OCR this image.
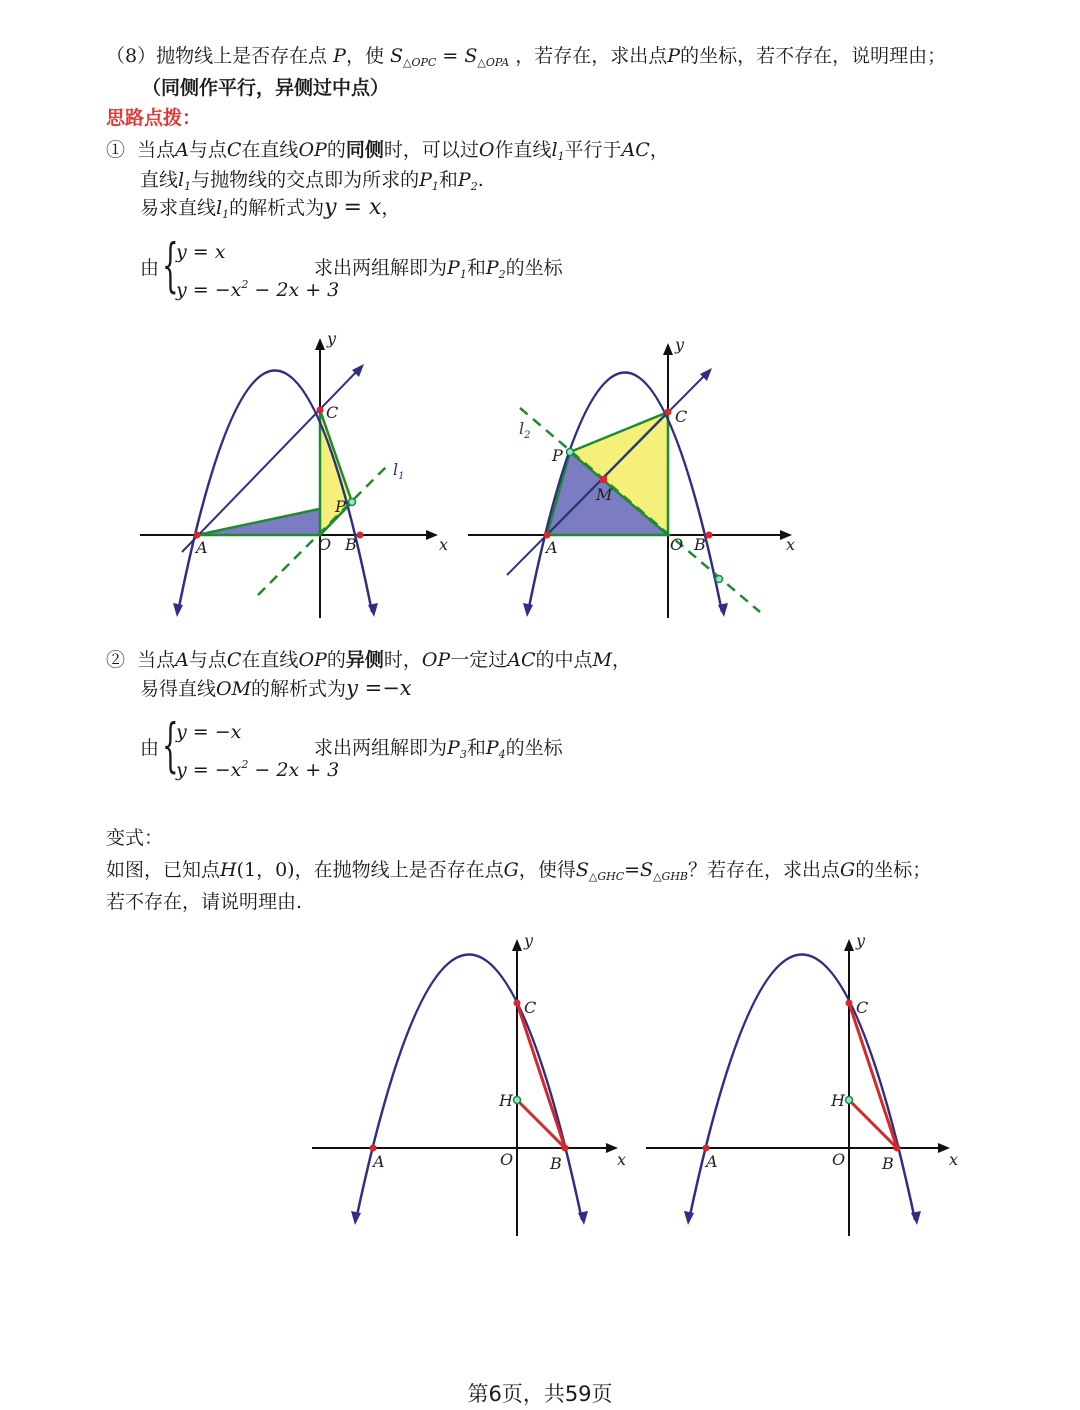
（8）抛物线上是否存在点 P，使 $S_{\triangle OPC} = S_{\triangle OPA}$ ，若存在，求出点P的坐标，若不存在，说明理由；
（同侧作平行，异侧过中点）
思路点拨：
① 当点A与点C在直线OP的同侧时，可以过O作直线$l_1$平行于AC，
直线$l_1$与抛物线的交点即为所求的$P_1$和$P_2$.
易求直线$l_1$的解析式为y = x，
由 {
y = x
$y = -x^2 - 2x + 3$
求出两组解即为$P_1$和$P_2$的坐标
y
C
P
A	O B	x
$l_1$
y
C
P
M
A	O B	x
$l_2$
② 当点A与点C在直线OP的异侧时，OP一定过AC的中点M，
易得直线OM的解析式为y =−x
由 {
y = −x
$y = -x^2 - 2x + 3$
求出两组解即为$P_3$和$P_4$的坐标
变式：
如图，已知点H(1，0)，在抛物线上是否存在点G，使得$S_{\triangle GHC}=S_{\triangle GHB}$？若存在，求出点G的坐标；
若不存在，请说明理由.
y
C
H
A	O B	x
y
C
H
A	O B	x
第6页，共59页
